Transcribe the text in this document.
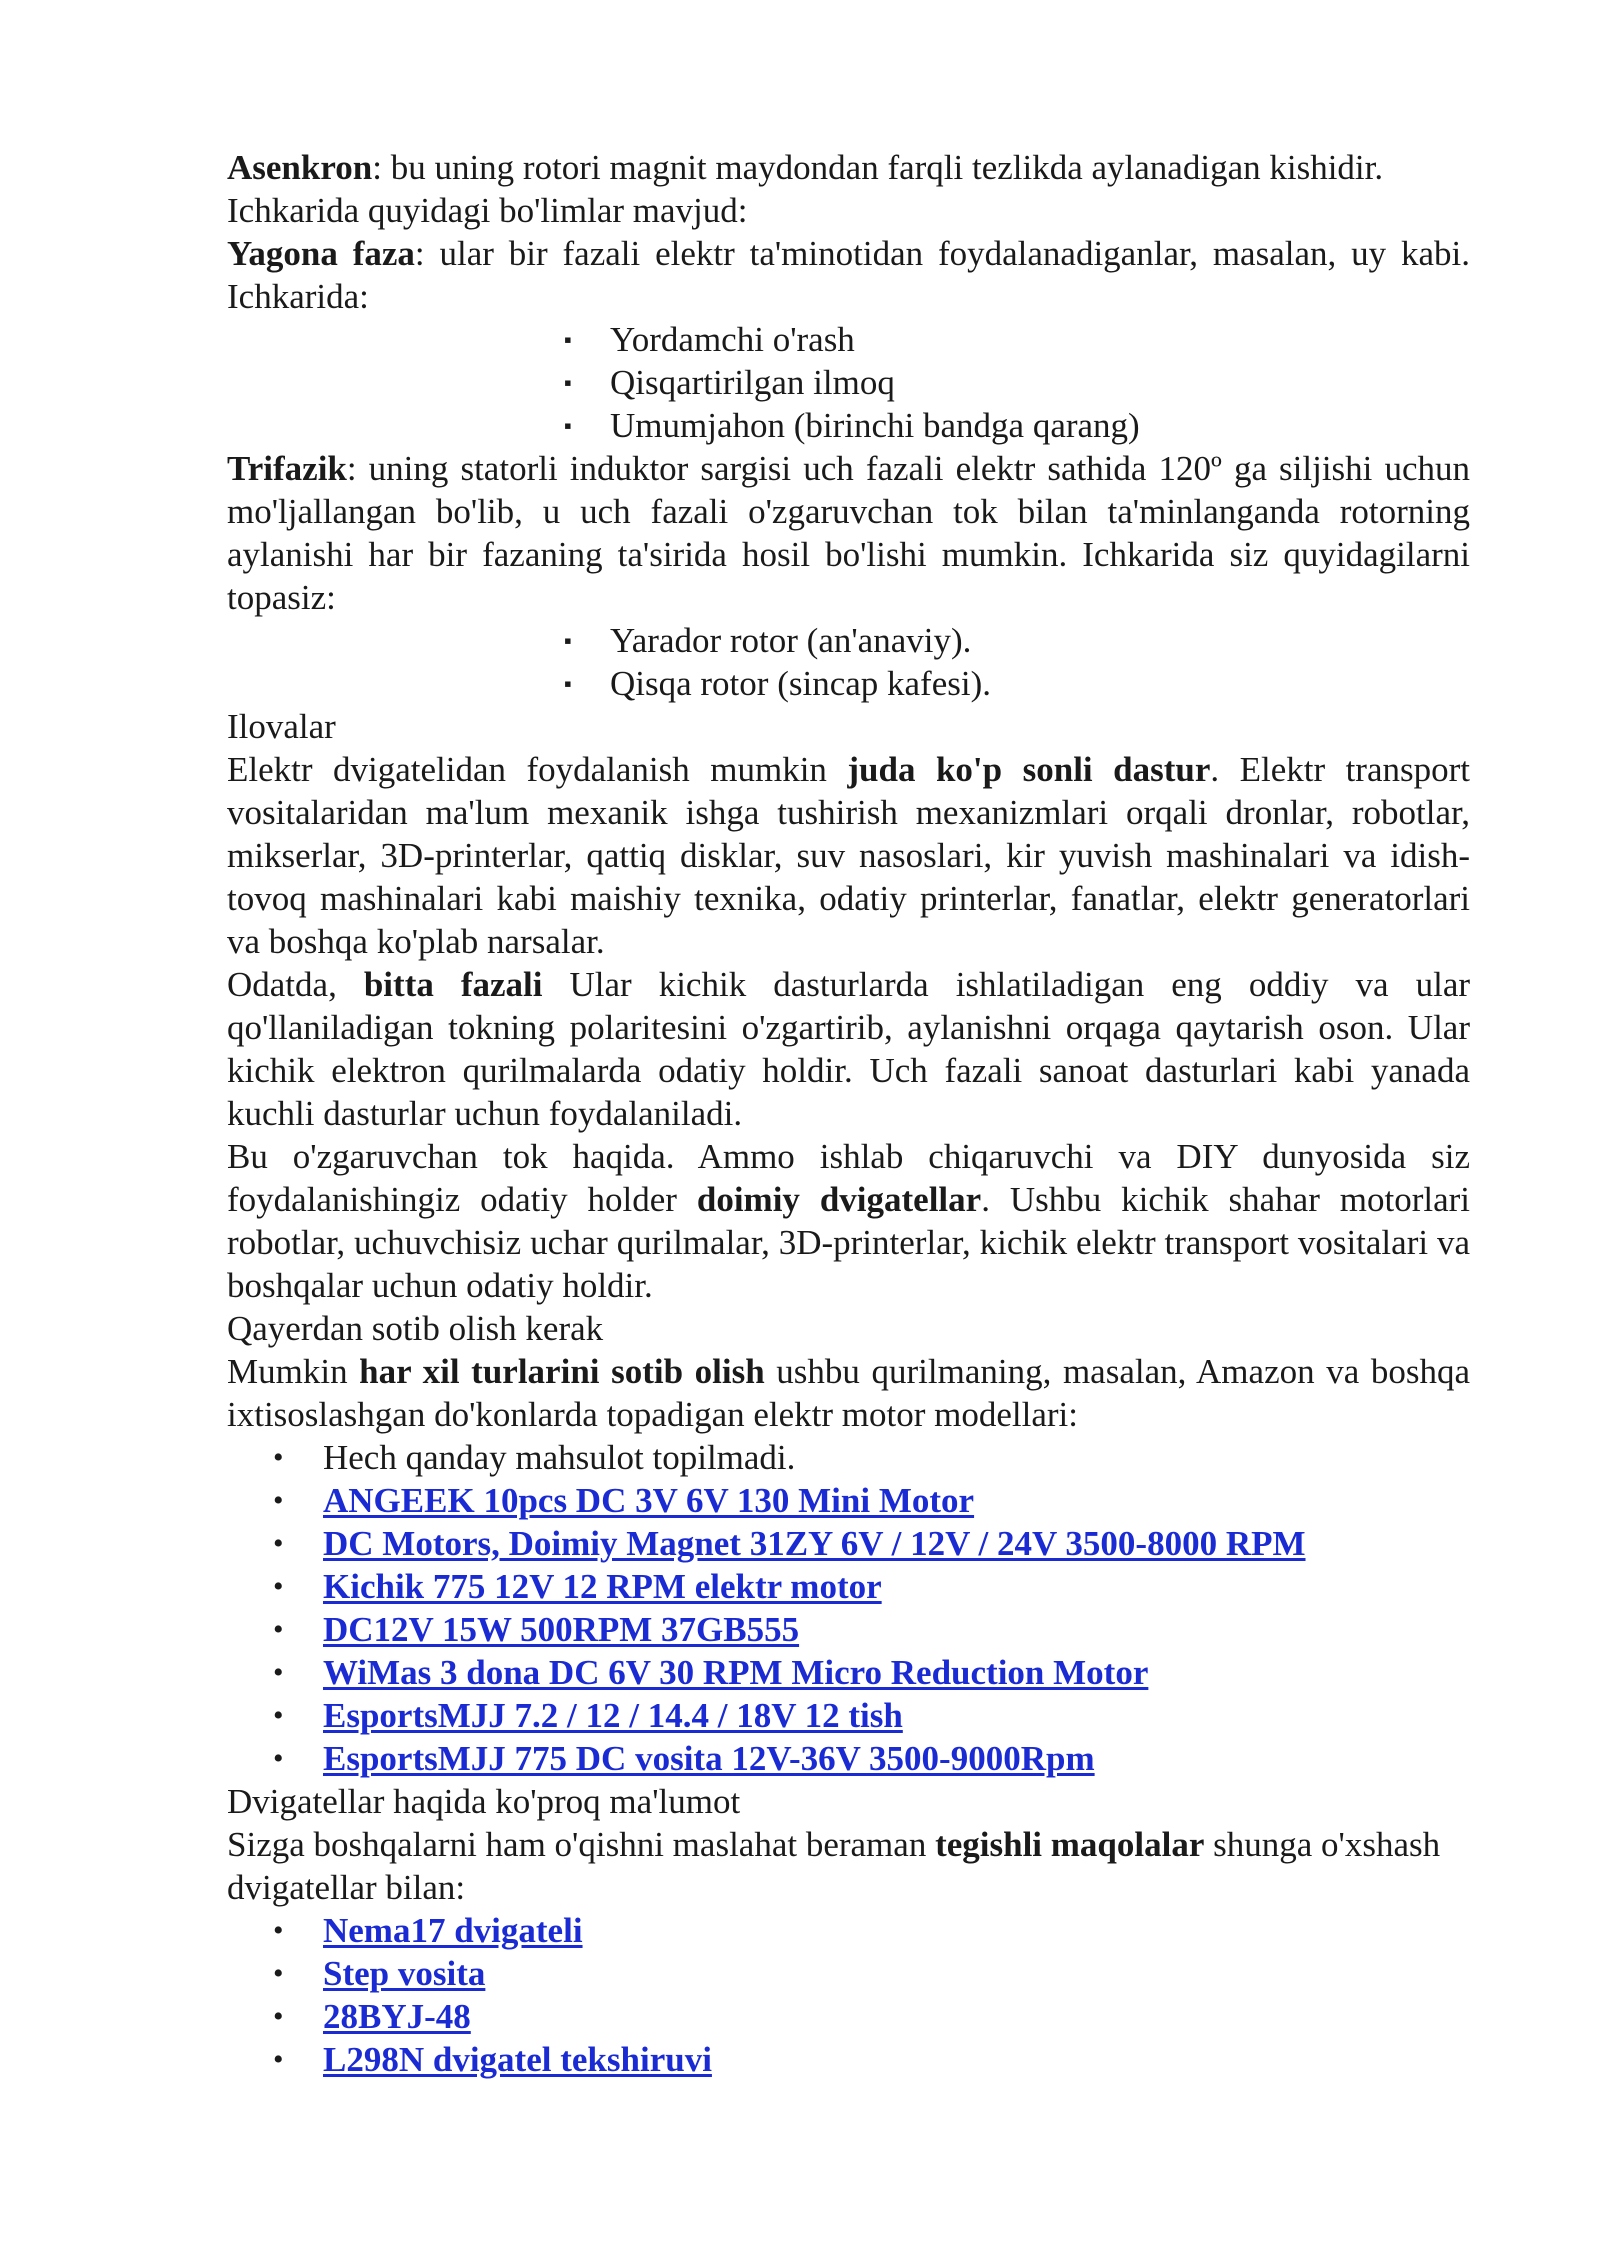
Asenkron: bu uning rotori magnit maydondan farqli tezlikda aylanadigan kishidir. Ichkarida quyidagi bo'limlar mavjud:

Yagona faza: ular bir fazali elektr ta'minotidan foydalanadiganlar, masalan, uy kabi. Ichkarida:

▪ Yordamchi o'rash
▪ Qisqartirilgan ilmoq
▪ Umumjahon (birinchi bandga qarang)

Trifazik: uning statorli induktor sargisi uch fazali elektr sathida 120º ga siljishi uchun mo'ljallangan bo'lib, u uch fazali o'zgaruvchan tok bilan ta'minlanganda rotorning aylanishi har bir fazaning ta'sirida hosil bo'lishi mumkin. Ichkarida siz quyidagilarni topasiz:

▪ Yarador rotor (an'anaviy).
▪ Qisqa rotor (sincap kafesi).

Ilovalar

Elektr dvigatelidan foydalanish mumkin juda ko'p sonli dastur. Elektr transport vositalaridan ma'lum mexanik ishga tushirish mexanizmlari orqali dronlar, robotlar, mikserlar, 3D-printerlar, qattiq disklar, suv nasoslari, kir yuvish mashinalari va idish-tovoq mashinalari kabi maishiy texnika, odatiy printerlar, fanatlar, elektr generatorlari va boshqa ko'plab narsalar.

Odatda, bitta fazali Ular kichik dasturlarda ishlatiladigan eng oddiy va ular qo'llaniladigan tokning polaritesini o'zgartirib, aylanishni orqaga qaytarish oson. Ular kichik elektron qurilmalarda odatiy holdir. Uch fazali sanoat dasturlari kabi yanada kuchli dasturlar uchun foydalaniladi.

Bu o'zgaruvchan tok haqida. Ammo ishlab chiqaruvchi va DIY dunyosida siz foydalanishingiz odatiy holder doimiy dvigatellar. Ushbu kichik shahar motorlari robotlar, uchuvchisiz uchar qurilmalar, 3D-printerlar, kichik elektr transport vositalari va boshqalar uchun odatiy holdir.

Qayerdan sotib olish kerak

Mumkin har xil turlarini sotib olish ushbu qurilmaning, masalan, Amazon va boshqa ixtisoslashgan do'konlarda topadigan elektr motor modellari:

• Hech qanday mahsulot topilmadi.
• ANGEEK 10pcs DC 3V 6V 130 Mini Motor
• DC Motors, Doimiy Magnet 31ZY 6V / 12V / 24V 3500-8000 RPM
• Kichik 775 12V 12 RPM elektr motor
• DC12V 15W 500RPM 37GB555
• WiMas 3 dona DC 6V 30 RPM Micro Reduction Motor
• EsportsMJJ 7.2 / 12 / 14.4 / 18V 12 tish
• EsportsMJJ 775 DC vosita 12V-36V 3500-9000Rpm

Dvigatellar haqida ko'proq ma'lumot

Sizga boshqalarni ham o'qishni maslahat beraman tegishli maqolalar shunga o'xshash dvigatellar bilan:

• Nema17 dvigateli
• Step vosita
• 28BYJ-48
• L298N dvigatel tekshiruvi
